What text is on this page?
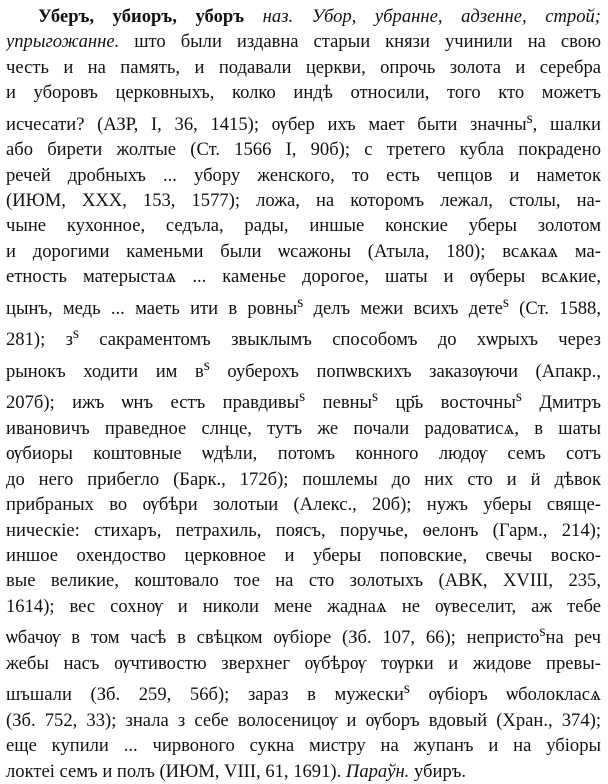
Уберъ, убиоръ, уборъ наз. Убор, убранне, адзенне, строй;
упрыгожанне. што были издавна старыи князи учинили на свою
честь и на память, и подавали церкви, опрочь золота и серебра
и уборовъ церковныхъ, колко индѣ относили, того кто можетъ
исчесати? (АЗР, I, 36, 1415); ѹбер ихъ мает быти значны$^s$, шалки
або бирети жолтые (Ст. 1566 I, 90б); с третего кубла покрадено
речей дробныхъ ... убору женского, то есть чепцов и наметок
(ИЮМ, XXX, 153, 1577); ложа, на которомъ лежал, столы, на-
чыне кухонное, седъла, рады, иншые конские уберы золотом
и дорогими каменьми были ѡсажоны (Атыла, 180); всѧкаѧ ма-
етность матерыстаѧ ... каменье дорогое, шаты и ѹберы всѧкие,
цынъ, медь ... маеть ити в ровны$^s$ делъ межи всихъ дете$^s$ (Ст. 1588,
281); $з^s$ сакраментомъ звыклымъ способомъ до хѡрыхъ через
рынокъ ходити им $в^s$ оуберохъ попѡвскихъ заказѹючи (Апакр.,
207б); ижъ ѡнъ естъ правдивы$^s$ певны$^s$ цр҃ь восточны$^s$ Дмитръ
ивановичъ праведное слнце, тутъ же почали радоватисѧ, в шаты
ѹбиоры коштовные ѡдѣли, потомъ конного людѹ семъ сотъ
до него прибегло (Барк., 172б); пошлемы до них сто и ӥ дѣвок
прибраных во ѹбѣри золотыи (Алекс., 20б); нужъ уберы свяще-
ническіе: стихаръ, петрахиль, поясъ, поручье, ѳелонъ (Гарм., 214);
иншое охендоство церковное и уберы поповские, свечы воско-
вые великие, коштовало тое на сто золотыхъ (АВК, XVIII, 235,
1614); вес сохнѹ и николи мене жаднаѧ не ѹвеселит, аж тебе
ѡбачѹ в том часѣ в свѣцком ѹбіоре (Зб. 107, 66); непристо$^s$на реч
жебы насъ ѹчтивостю зверхнег ѹбѣрѹ тѹрки и жидове превы-
шъшали (Зб. 259, 56б); зараз в мужески$^s$ ѹбіоръ ѡболокласѧ
(Зб. 752, 33); знала з себе волосеницѹ и ѹборъ вдовый (Хран., 374);
еще купили ... чирвоного сукна мистру на жупанъ и на убіоры
локтеі семъ и полъ (ИЮМ, VIII, 61, 1691). Параўн. убиръ.
